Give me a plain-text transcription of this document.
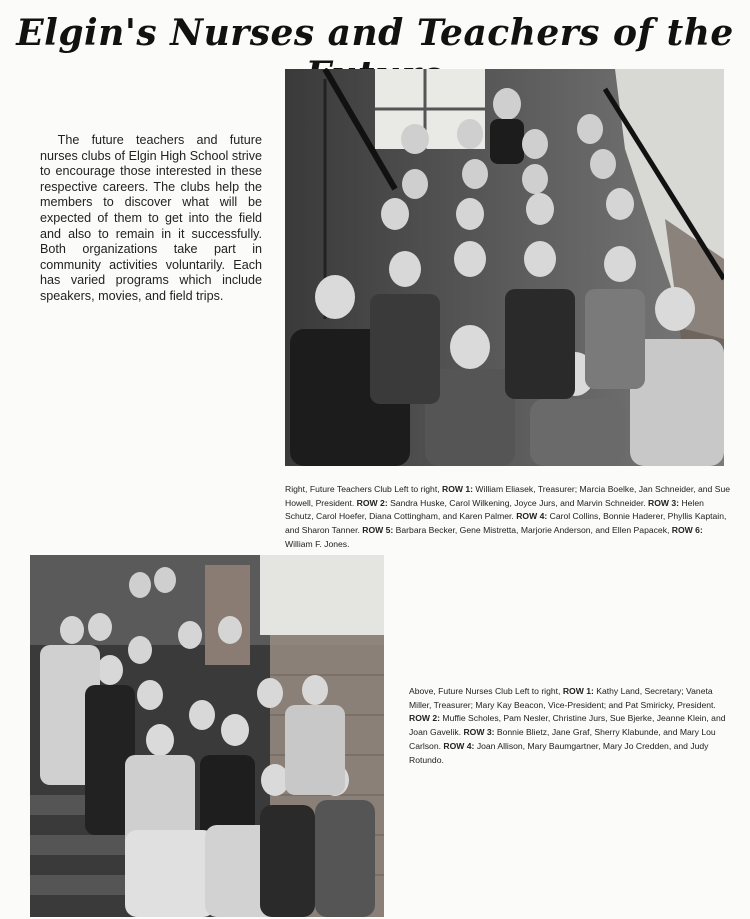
Elgin's Nurses and Teachers of the
The future teachers and future nurses clubs of Elgin High School strive to encourage those interested in these respective careers. The clubs help the members to discover what will be expected of them to get into the field and also to remain in it successfully. Both organizations take part in community activities voluntarily. Each has varied programs which include speakers, movies, and field trips.
Right, Future Teachers Club Left to right, ROW 1: William Eliasek, Treasurer; Marcia Boelke, Jan Schneider, and Sue Howell, President. ROW 2: Sandra Huske, Carol Wilkening, Joyce Jurs, and Marvin Schneider. ROW 3: Helen Schutz, Carol Hoefer, Diana Cottingham, and Karen Palmer. ROW 4: Carol Collins, Bonnie Haderer, Phyllis Kaptain, and Sharon Tanner. ROW 5: Barbara Becker, Gene Mistretta, Marjorie Anderson, and Ellen Papacek, ROW 6: William F. Jones.
Above, Future Nurses Club Left to right, ROW 1: Kathy Land, Secretary; Vaneta Miller, Treasurer; Mary Kay Beacon, Vice-President; and Pat Smiricky, President. ROW 2: Muffie Scholes, Pam Nesler, Christine Jurs, Sue Bjerke, Jeanne Klein, and Joan Gavelik. ROW 3: Bonnie Blietz, Jane Graf, Sherry Klabunde, and Mary Lou Carlson. ROW 4: Joan Allison, Mary Baumgartner, Mary Jo Credden, and Judy Rotundo.
